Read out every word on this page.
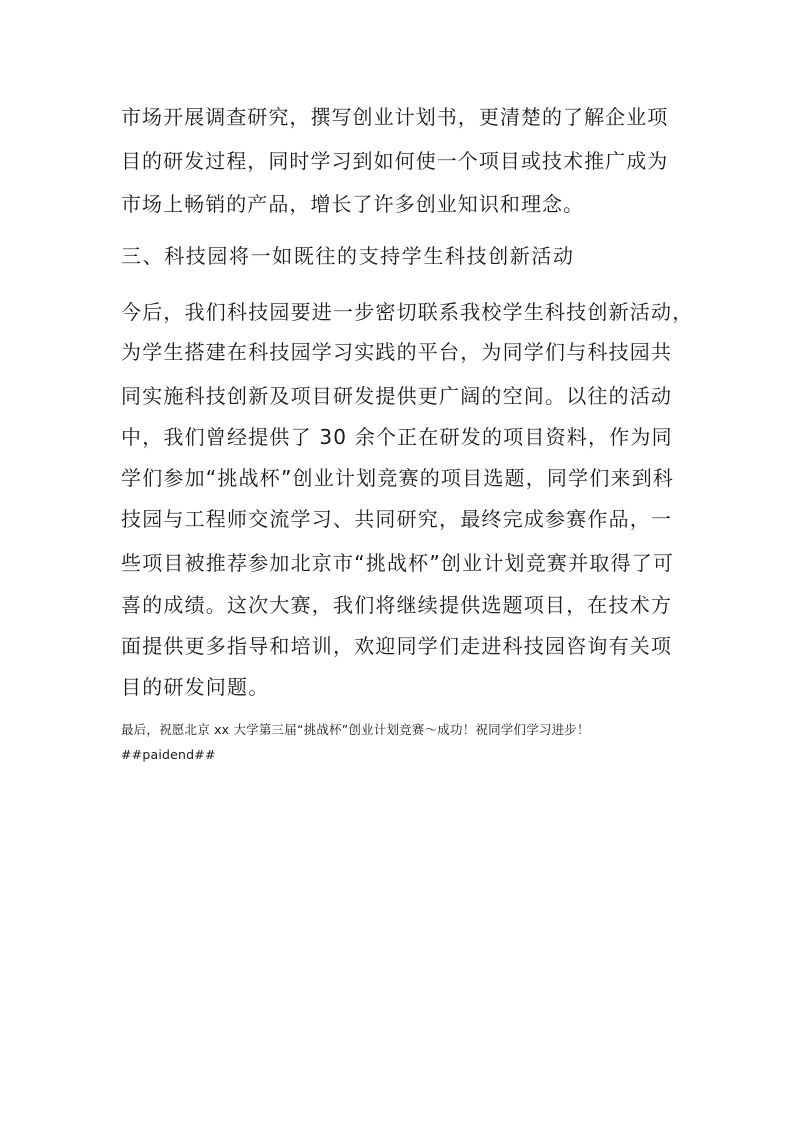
市场开展调查研究，撰写创业计划书，更清楚的了解企业项
目的研发过程，同时学习到如何使一个项目或技术推广成为
市场上畅销的产品，增长了许多创业知识和理念。
三、科技园将一如既往的支持学生科技创新活动
今后，我们科技园要进一步密切联系我校学生科技创新活动，
为学生搭建在科技园学习实践的平台，为同学们与科技园共
同实施科技创新及项目研发提供更广阔的空间。以往的活动
中，我们曾经提供了 30 余个正在研发的项目资料，作为同
学们参加“挑战杯”创业计划竞赛的项目选题，同学们来到科
技园与工程师交流学习、共同研究，最终完成参赛作品，一
些项目被推荐参加北京市“挑战杯”创业计划竞赛并取得了可
喜的成绩。这次大赛，我们将继续提供选题项目，在技术方
面提供更多指导和培训，欢迎同学们走进科技园咨询有关项
目的研发问题。
最后，祝愿北京 xx 大学第三届“挑战杯”创业计划竞赛～成功！祝同学们学习进步！
##paidend##
